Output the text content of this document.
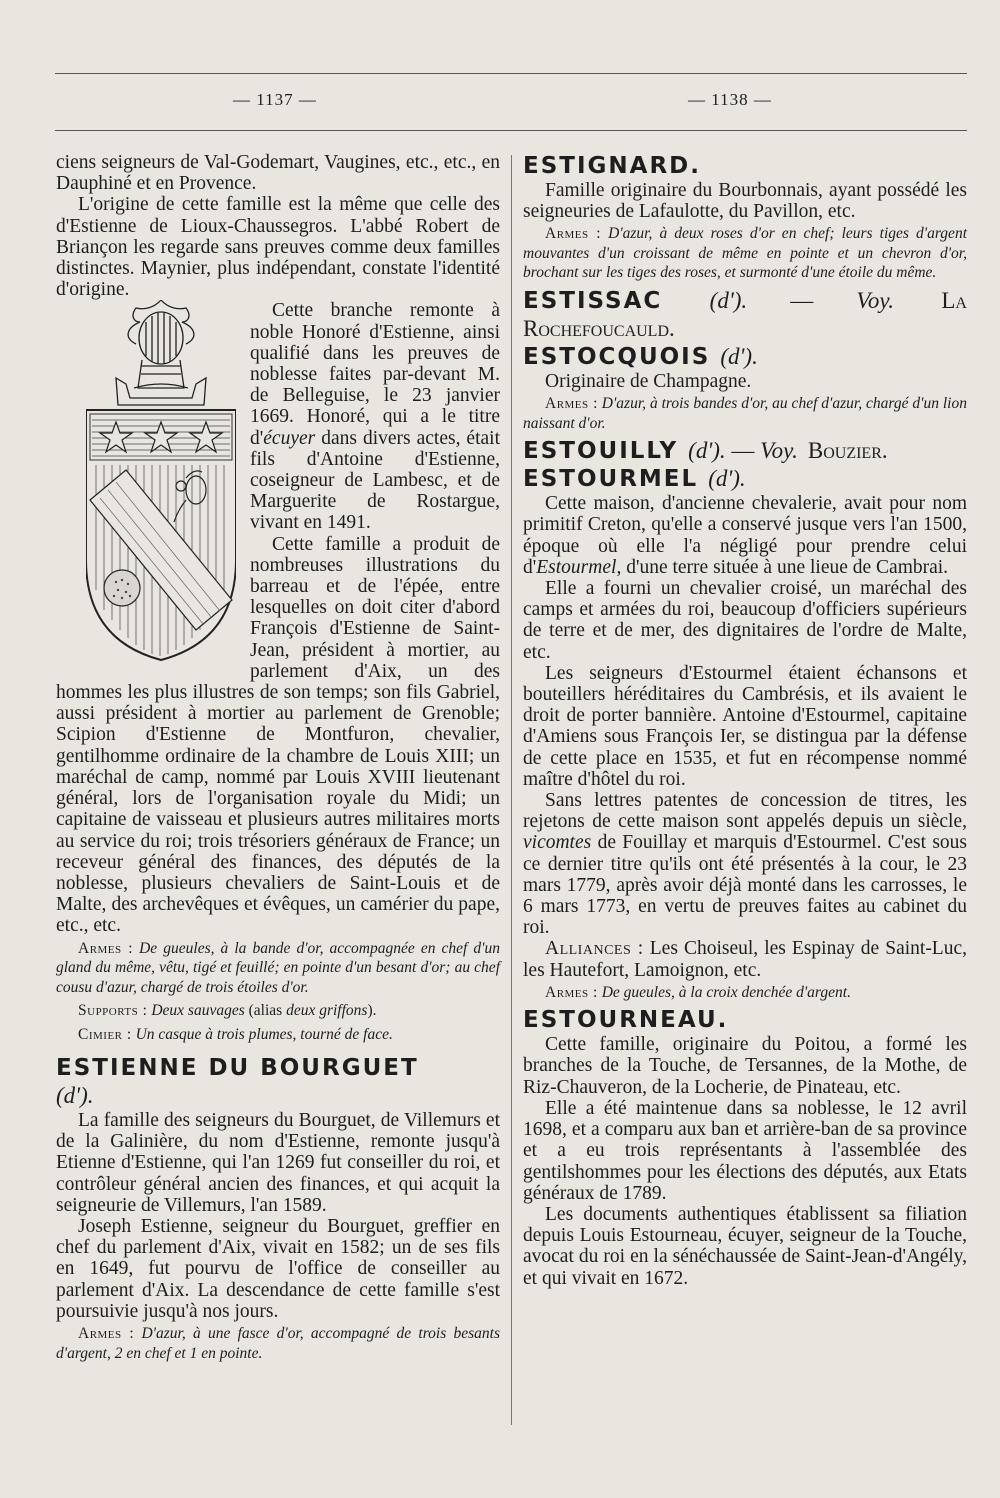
— 1137 —	— 1138 —

ciens seigneurs de Val-Godemart, Vaugines, etc., etc., en Dauphiné et en Provence.

L'origine de cette famille est la même que celle des d'Estienne de Lioux-Chaussegros. L'abbé Robert de Briançon les regarde sans preuves comme deux familles distinctes. Maynier, plus indépendant, constate l'identité d'origine.

Cette branche remonte à noble Honoré d'Estienne, ainsi qualifié dans les preuves de noblesse faites par-devant M. de Belleguise, le 23 janvier 1669. Honoré, qui a le titre d'écuyer dans divers actes, était fils d'Antoine d'Estienne, coseigneur de Lambesc, et de Marguerite de Rostargue, vivant en 1491.

Cette famille a produit de nombreuses illustrations du barreau et de l'épée, entre lesquelles on doit citer d'abord François d'Estienne de Saint-Jean, président à mortier, au parlement d'Aix, un des hommes les plus illustres de son temps; son fils Gabriel, aussi président à mortier au parlement de Grenoble; Scipion d'Estienne de Montfuron, chevalier, gentilhomme ordinaire de la chambre de Louis XIII; un maréchal de camp, nommé par Louis XVIII lieutenant général, lors de l'organisation royale du Midi; un capitaine de vaisseau et plusieurs autres militaires morts au service du roi; trois trésoriers généraux de France; un receveur général des finances, des députés de la noblesse, plusieurs chevaliers de Saint-Louis et de Malte, des archevêques et évêques, un camérier du pape, etc., etc.

Armes : De gueules, à la bande d'or, accompagnée en chef d'un gland du même, vêtu, tigé et feuillé; en pointe d'un besant d'or; au chef cousu d'azur, chargé de trois étoiles d'or.

Supports : Deux sauvages (alias deux griffons).

Cimier : Un casque à trois plumes, tourné de face.

ESTIENNE DU BOURGUET
(d').

La famille des seigneurs du Bourguet, de Villemurs et de la Galinière, du nom d'Estienne, remonte jusqu'à Etienne d'Estienne, qui l'an 1269 fut conseiller du roi, et contrôleur général ancien des finances, et qui acquit la seigneurie de Villemurs, l'an 1589.

Joseph Estienne, seigneur du Bourguet, greffier en chef du parlement d'Aix, vivait en 1582; un de ses fils en 1649, fut pourvu de l'office de conseiller au parlement d'Aix. La descendance de cette famille s'est poursuivie jusqu'à nos jours.

Armes : D'azur, à une fasce d'or, accompagné de trois besants d'argent, 2 en chef et 1 en pointe.

ESTIGNARD.

Famille originaire du Bourbonnais, ayant possédé les seigneuries de Lafaulotte, du Pavillon, etc.

Armes : D'azur, à deux roses d'or en chef; leurs tiges d'argent mouvantes d'un croissant de même en pointe et un chevron d'or, brochant sur les tiges des roses, et surmonté d'une étoile du même.

ESTISSAC (d'). — Voy. La Rochefoucauld.

ESTOCQUOIS (d').

Originaire de Champagne.

Armes : D'azur, à trois bandes d'or, au chef d'azur, chargé d'un lion naissant d'or.

ESTOUILLY (d'). — Voy. Bouzier.

ESTOURMEL (d').

Cette maison, d'ancienne chevalerie, avait pour nom primitif Creton, qu'elle a conservé jusque vers l'an 1500, époque où elle l'a négligé pour prendre celui d'Estourmel, d'une terre située à une lieue de Cambrai.

Elle a fourni un chevalier croisé, un maréchal des camps et armées du roi, beaucoup d'officiers supérieurs de terre et de mer, des dignitaires de l'ordre de Malte, etc.

Les seigneurs d'Estourmel étaient échansons et bouteillers héréditaires du Cambrésis, et ils avaient le droit de porter bannière. Antoine d'Estourmel, capitaine d'Amiens sous François Ier, se distingua par la défense de cette place en 1535, et fut en récompense nommé maître d'hôtel du roi.

Sans lettres patentes de concession de titres, les rejetons de cette maison sont appelés depuis un siècle, vicomtes de Fouillay et marquis d'Estourmel. C'est sous ce dernier titre qu'ils ont été présentés à la cour, le 23 mars 1779, après avoir déjà monté dans les carrosses, le 6 mars 1773, en vertu de preuves faites au cabinet du roi.

Alliances : Les Choiseul, les Espinay de Saint-Luc, les Hautefort, Lamoignon, etc.

Armes : De gueules, à la croix denchée d'argent.

ESTOURNEAU.

Cette famille, originaire du Poitou, a formé les branches de la Touche, de Tersannes, de la Mothe, de Riz-Chauveron, de la Locherie, de Pinateau, etc.

Elle a été maintenue dans sa noblesse, le 12 avril 1698, et a comparu aux ban et arrière-ban de sa province et a eu trois représentants à l'assemblée des gentilshommes pour les élections des députés, aux Etats généraux de 1789.

Les documents authentiques établissent sa filiation depuis Louis Estourneau, écuyer, seigneur de la Touche, avocat du roi en la sénéchaussée de Saint-Jean-d'Angély, et qui vivait en 1672.
